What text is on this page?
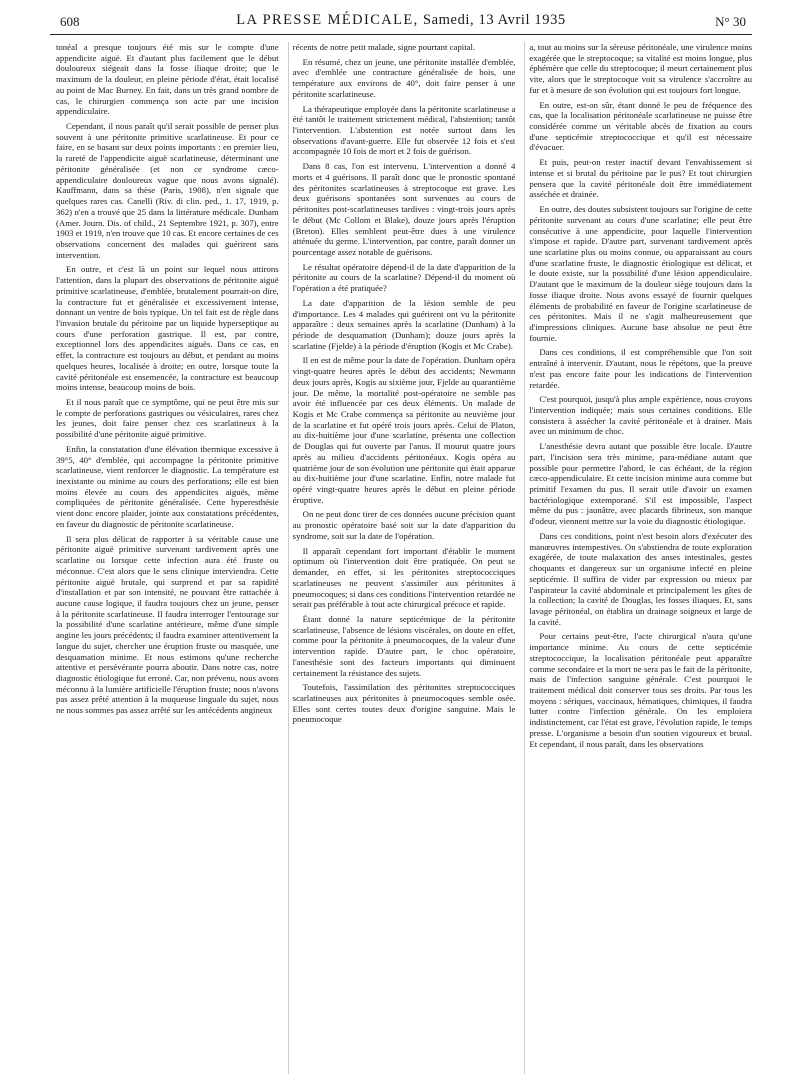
608	LA PRESSE MÉDICALE, Samedi, 13 Avril 1935	N° 30

tonéal a presque toujours été mis sur le compte d'une appendicite aiguë. Et d'autant plus facilement que le début douloureux siégeait dans la fosse iliaque droite; que le maximum de la douleur, en pleine période d'état, était localisé au point de Mac Burney. En fait, dans un très grand nombre de cas, le chirurgien commença son acte par une incision appendiculaire.

Cependant, il nous paraît qu'il serait possible de penser plus souvent à une péritonite primitive scarlatineuse. Et pour ce faire, en se basant sur deux points importants : en premier lieu, la rareté de l'appendicite aiguë scarlatineuse, déterminant une péritonite généralisée (et non ce syndrome cæco-appendiculaire douloureux vague que nous avons signalé). Kauffmann, dans sa thèse (Paris, 1908), n'en signale que quelques rares cas. Canelli (Riv. di clin. ped., 1. 17, 1919, p. 362) n'en a trouvé que 25 dans la littérature médicale. Dunham (Amer. Journ. Dis. of child., 21 Septembre 1921, p. 307), entre 1903 et 1919, n'en trouve que 10 cas. Et encore certaines de ces observations concernent des malades qui guérirent sans intervention.

En outre, et c'est là un point sur lequel nous attirons l'attention, dans la plupart des observations de péritonite aiguë primitive scarlatineuse, d'emblée, brutalement pourrait-on dire, la contracture fut et généralisée et excessivement intense, donnant un ventre de bois typique. Un tel fait est de règle dans l'invasion brutale du péritoine par un liquide hyperseptique au cours d'une perforation gastrique. Il est, par contre, exceptionnel lors des appendicites aiguës. Dans ce cas, en effet, la contracture est toujours au début, et pendant au moins quelques heures, localisée à droite; en outre, lorsque toute la cavité péritonéale est ensemencée, la contracture est beaucoup moins intense, beaucoup moins de bois.

Et il nous paraît que ce symptôme, qui ne peut être mis sur le compte de perforations gastriques ou vésiculaires, rares chez les jeunes, doit faire penser chez ces scarlatineux à la possibilité d'une péritonite aiguë primitive.

Enfin, la constatation d'une élévation thermique excessive à 39°5, 40° d'emblée, qui accompagne la péritonite primitive scarlatineuse, vient renforcer le diagnostic. La température est inexistante ou minime au cours des perforations; elle est bien moins élevée au cours des appendicites aiguës, même compliquées de péritonite généralisée. Cette hyperesthésie vient donc encore plaider, jointe aux constatations précédentes, en faveur du diagnostic de péritonite scarlatineuse.

Il sera plus délicat de rapporter à sa véritable cause une péritonite aiguë primitive survenant tardivement après une scarlatine ou lorsque cette infection aura été fruste ou méconnue. C'est alors que le sens clinique interviendra. Cette péritonite aiguë brutale, qui surprend et par sa rapidité d'installation et par son intensité, ne pouvant être rattachée à aucune cause logique, il faudra toujours chez un jeune, penser à la péritonite scarlatineuse. Il faudra interroger l'entourage sur la possibilité d'une scarlatine antérieure, même d'une simple angine les jours précédents; il faudra examiner attentivement la langue du sujet, chercher une éruption fruste ou masquée, une desquamation minime. Et nous estimons qu'une recherche attentive et persévérante pourra aboutir. Dans notre cas, notre diagnostic étiologique fut erroné. Car, non prévenu, nous avons méconnu à la lumière artificielle l'éruption fruste; nous n'avons pas assez prêté attention à la muqueuse linguale du sujet, nous ne nous sommes pas assez arrêté sur les antécédents angineux

récents de notre petit malade, signe pourtant capital.

En résumé, chez un jeune, une péritonite installée d'emblée, avec d'emblée une contracture généralisée de bois, une température aux environs de 40°, doit faire penser à une péritonite scarlatineuse.

La thérapeutique employée dans la péritonite scarlatineuse a été tantôt le traitement strictement médical, l'abstention; tantôt l'intervention. L'abstention est notée surtout dans les observations d'avant-guerre. Elle fut observée 12 fois et s'est accompagnée 10 fois de mort et 2 fois de guérison.

Dans 8 cas, l'on est intervenu. L'intervention a donné 4 morts et 4 guérisons. Il paraît donc que le pronostic spontané des péritonites scarlatineuses à streptocoque est grave. Les deux guérisons spontanées sont survenues au cours de péritonites post-scarlatineuses tardives : vingt-trois jours après le début (Mc Collom et Blake), douze jours après l'éruption (Breton). Elles semblent peut-être dues à une virulence atténuée du germe. L'intervention, par contre, paraît donner un pourcentage assez notable de guérisons.

Le résultat opératoire dépend-il de la date d'apparition de la péritonite au cours de la scarlatine? Dépend-il du moment où l'opération a été pratiquée?

La date d'apparition de la lésion semble de peu d'importance. Les 4 malades qui guérirent ont vu la péritonite apparaître : deux semaines après la scarlatine (Dunham) à la période de desquamation (Dunham); douze jours après la scarlatine (Fjelde) à la période d'éruption (Kogis et Mc Crabe).

Il en est de même pour la date de l'opération. Dunham opéra vingt-quatre heures après le début des accidents; Newmann deux jours après, Kogis au sixième jour, Fjelde au quarantième jour. De même, la mortalité post-opératoire ne semble pas avoir été influencée par ces deux éléments. Un malade de Kogis et Mc Crabe commença sa péritonite au neuvième jour de la scarlatine et fut opéré trois jours après. Celui de Platon, au dix-huitième jour d'une scarlatine, présenta une collection de Douglas qui fut ouverte par l'anus. Il mourut quatre jours après au milieu d'accidents péritonéaux. Kogis opéra au quatrième jour de son évolution une péritonite qui était apparue au dix-huitième jour d'une scarlatine. Enfin, notre malade fut opéré vingt-quatre heures après le début en pleine période éruptive.

On ne peut donc tirer de ces données aucune précision quant au pronostic opératoire basé soit sur la date d'apparition du syndrome, soit sur la date de l'opération.

Il apparaît cependant fort important d'établir le moment optimum où l'intervention doit être pratiquée. On peut se demander, en effet, si les péritonites streptococciques scarlatineuses ne peuvent s'assimiler aux péritonites à pneumocoques; si dans ces conditions l'intervention retardée ne serait pas préférable à tout acte chirurgical précoce et rapide.

Étant donné la nature septicémique de la péritonite scarlatineuse, l'absence de lésions viscérales, on doute en effet, comme pour la péritonite à pneumocoques, de la valeur d'une intervention rapide. D'autre part, le choc opératoire, l'anesthésie sont des facteurs importants qui diminuent certainement la résistance des sujets.

Toutefois, l'assimilation des péritonites streptococciques scarlatineuses aux péritonites à pneumocoques semble osée. Elles sont certes toutes deux d'origine sanguine. Mais le pneumocoque

a, tout au moins sur la séreuse péritonéale, une virulence moins exagérée que le streptocoque; sa vitalité est moins longue, plus éphémère que celle du streptocoque; il meurt certainement plus vite, alors que le streptocoque voit sa virulence s'accroître au fur et à mesure de son évolution qui est toujours fort longue.

En outre, est-on sûr, étant donné le peu de fréquence des cas, que la localisation péritonéale scarlatineuse ne puisse être considérée comme un véritable abcès de fixation au cours d'une septicémie streptococcique et qu'il est nécessaire d'évacuer.

Et puis, peut-on rester inactif devant l'envahissement si intense et si brutal du péritoine par le pus? Et tout chirurgien pensera que la cavité péritonéale doit être immédiatement asséchée et drainée.

En outre, des doutes subsistent toujours sur l'origine de cette péritonite survenant au cours d'une scarlatine; elle peut être consécutive à une appendicite, pour laquelle l'intervention s'impose et rapide. D'autre part, survenant tardivement après une scarlatine plus ou moins connue, ou apparaissant au cours d'une scarlatine fruste, le diagnostic étiologique est délicat, et le doute existe, sur la possibilité d'une lésion appendiculaire. D'autant que le maximum de la douleur siège toujours dans la fosse iliaque droite. Nous avons essayé de fournir quelques éléments de probabilité en faveur de l'origine scarlatineuse de ces péritonites. Mais il ne s'agit malheureusement que d'impressions cliniques. Aucune base absolue ne peut être fournie.

Dans ces conditions, il est compréhensible que l'on soit entraîné à intervenir. D'autant, nous le répétons, que la preuve n'est pas encore faite pour les indications de l'intervention retardée.

C'est pourquoi, jusqu'à plus ample expérience, nous croyons l'intervention indiquée; mais sous certaines conditions. Elle consistera à assécher la cavité péritonéale et à drainer. Mais avec un minimum de choc.

L'anesthésie devra autant que possible être locale. D'autre part, l'incision sera très minime, para-médiane autant que possible pour permettre l'abord, le cas échéant, de la région cæco-appendiculaire. Et cette incision minime aura comme but primitif l'examen du pus. Il serait utile d'avoir un examen bactériologique extemporané. S'il est impossible, l'aspect même du pus : jaunâtre, avec placards fibrineux, son manque d'odeur, viennent mettre sur la voie du diagnostic étiologique.

Dans ces conditions, point n'est besoin alors d'exécuter des manœuvres intempestives. On s'abstiendra de toute exploration exagérée, de toute malaxation des anses intestinales, gestes choquants et dangereux sur un organisme infecté en pleine septicémie. Il suffira de vider par expression ou mieux par l'aspirateur la cavité abdominale et principalement les gîtes de la collection; la cavité de Douglas, les fosses iliaques. Et, sans lavage péritonéal, on établira un drainage soigneux et large de la cavité.

Pour certains peut-être, l'acte chirurgical n'aura qu'une importance minime. Au cours de cette septicémie streptococcique, la localisation péritonéale peut apparaître comme secondaire et la mort ne sera pas le fait de la péritonite, mais de l'infection sanguine générale. C'est pourquoi le traitement médical doit conserver tous ses droits. Par tous les moyens : sériques, vaccinaux, hématiques, chimiques, il faudra lutter contre l'infection générale. On les emploiera indistinctement, car l'état est grave, l'évolution rapide, le temps presse. L'organisme a besoin d'un soutien vigoureux et brutal. Et cependant, il nous paraît, dans les observations
